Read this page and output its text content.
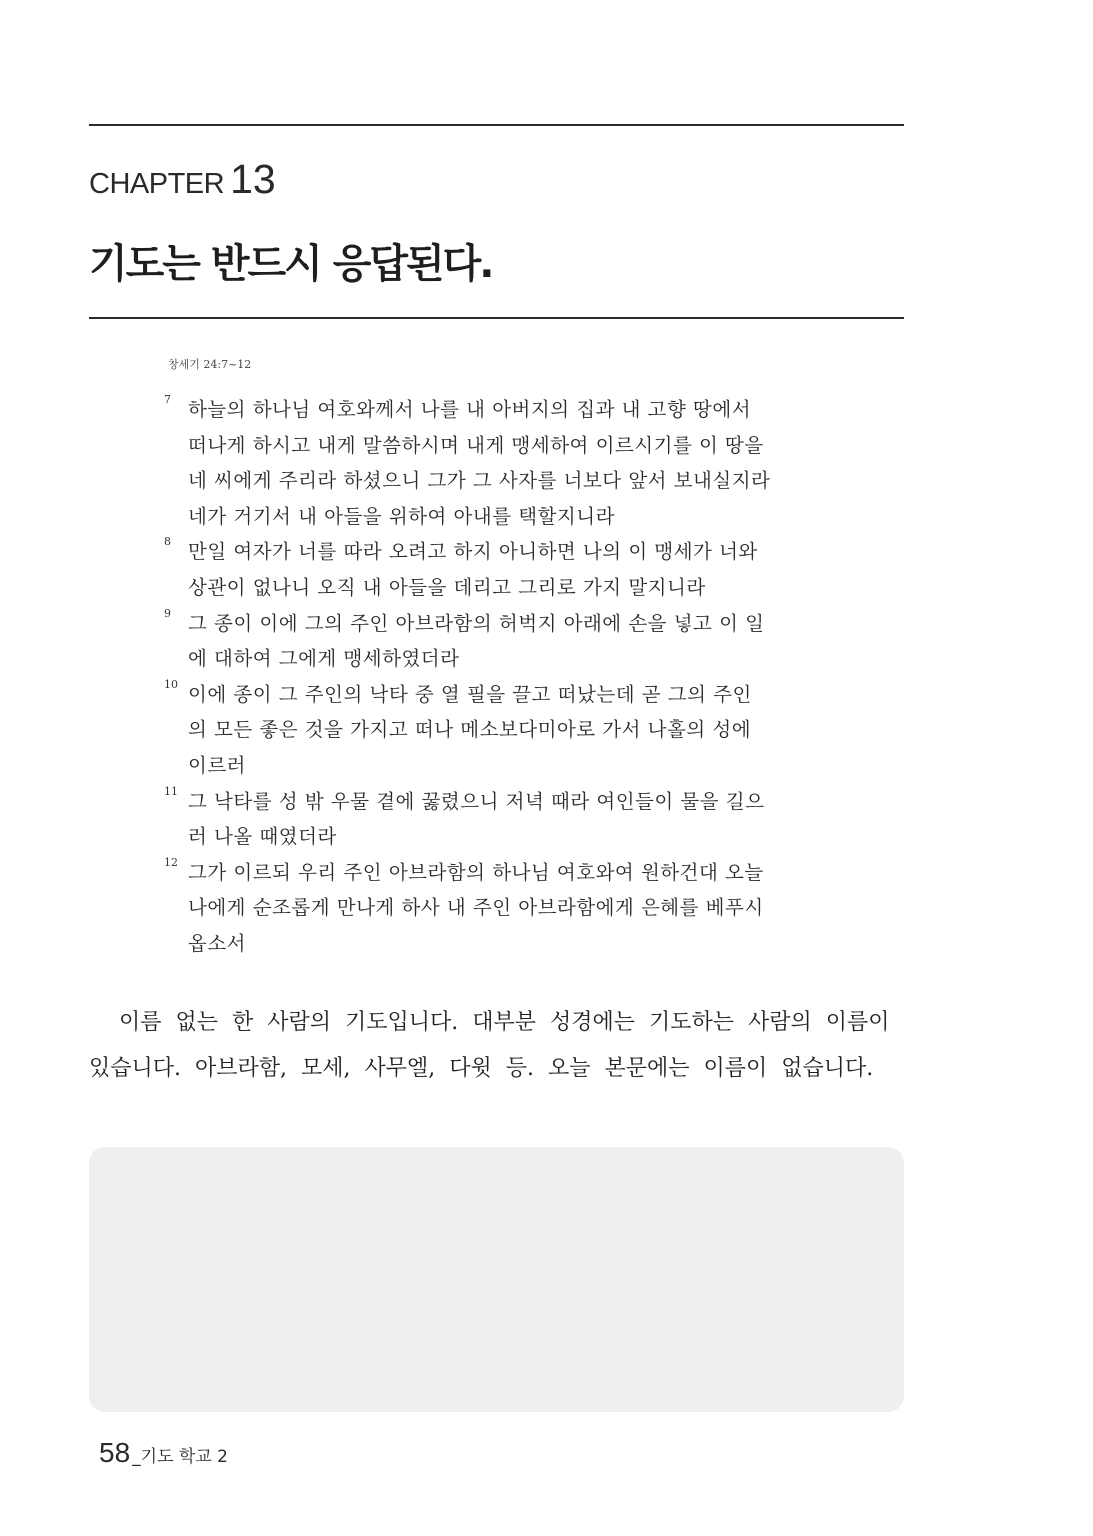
CHAPTER 13
기도는 반드시 응답된다.
창세기 24:7~12
7 하늘의 하나님 여호와께서 나를 내 아버지의 집과 내 고향 땅에서
떠나게 하시고 내게 말씀하시며 내게 맹세하여 이르시기를 이 땅을
네 씨에게 주리라 하셨으니 그가 그 사자를 너보다 앞서 보내실지라
네가 거기서 내 아들을 위하여 아내를 택할지니라
8 만일 여자가 너를 따라 오려고 하지 아니하면 나의 이 맹세가 너와
상관이 없나니 오직 내 아들을 데리고 그리로 가지 말지니라
9 그 종이 이에 그의 주인 아브라함의 허벅지 아래에 손을 넣고 이 일
에 대하여 그에게 맹세하였더라
10 이에 종이 그 주인의 낙타 중 열 필을 끌고 떠났는데 곧 그의 주인
의 모든 좋은 것을 가지고 떠나 메소보다미아로 가서 나홀의 성에
이르러
11 그 낙타를 성 밖 우물 곁에 꿇렸으니 저녁 때라 여인들이 물을 길으
러 나올 때였더라
12 그가 이르되 우리 주인 아브라함의 하나님 여호와여 원하건대 오늘
나에게 순조롭게 만나게 하사 내 주인 아브라함에게 은혜를 베푸시
옵소서
이름 없는 한 사람의 기도입니다. 대부분 성경에는 기도하는 사람의 이름이
있습니다. 아브라함, 모세, 사무엘, 다윗 등. 오늘 본문에는 이름이 없습니다.
58 _기도 학교 2
